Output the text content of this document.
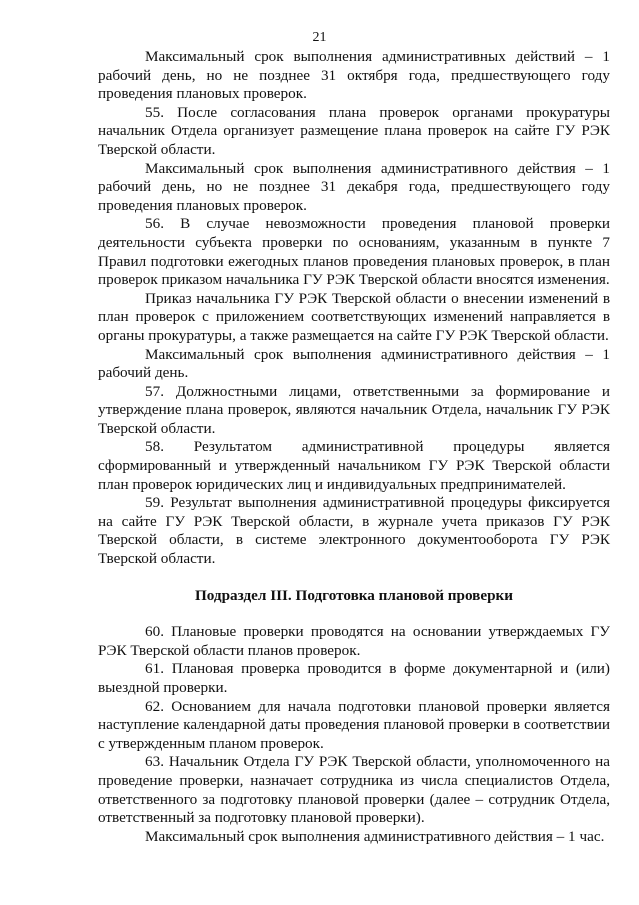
21

Максимальный срок выполнения административных действий – 1 рабочий день, но не позднее 31 октября года, предшествующего году проведения плановых проверок.

55. После согласования плана проверок органами прокуратуры начальник Отдела организует размещение плана проверок на сайте ГУ РЭК Тверской области.

Максимальный срок выполнения административного действия – 1 рабочий день, но не позднее 31 декабря года, предшествующего году проведения плановых проверок.

56. В случае невозможности проведения плановой проверки деятельности субъекта проверки по основаниям, указанным в пункте 7 Правил подготовки ежегодных планов проведения плановых проверок, в план проверок приказом начальника ГУ РЭК Тверской области вносятся изменения.

Приказ начальника ГУ РЭК Тверской области о внесении изменений в план проверок с приложением соответствующих изменений направляется в органы прокуратуры, а также размещается на сайте ГУ РЭК Тверской области.

Максимальный срок выполнения административного действия – 1 рабочий день.

57. Должностными лицами, ответственными за формирование и утверждение плана проверок, являются начальник Отдела, начальник ГУ РЭК Тверской области.

58. Результатом административной процедуры является сформированный и утвержденный начальником ГУ РЭК Тверской области план проверок юридических лиц и индивидуальных предпринимателей.

59. Результат выполнения административной процедуры фиксируется на сайте ГУ РЭК Тверской области, в журнале учета приказов ГУ РЭК Тверской области, в системе электронного документооборота ГУ РЭК Тверской области.

Подраздел III. Подготовка плановой проверки

60. Плановые проверки проводятся на основании утверждаемых ГУ РЭК Тверской области планов проверок.

61. Плановая проверка проводится в форме документарной и (или) выездной проверки.

62. Основанием для начала подготовки плановой проверки является наступление календарной даты проведения плановой проверки в соответствии с утвержденным планом проверок.

63. Начальник Отдела ГУ РЭК Тверской области, уполномоченного на проведение проверки, назначает сотрудника из числа специалистов Отдела, ответственного за подготовку плановой проверки (далее – сотрудник Отдела, ответственный за подготовку плановой проверки).

Максимальный срок выполнения административного действия – 1 час.
